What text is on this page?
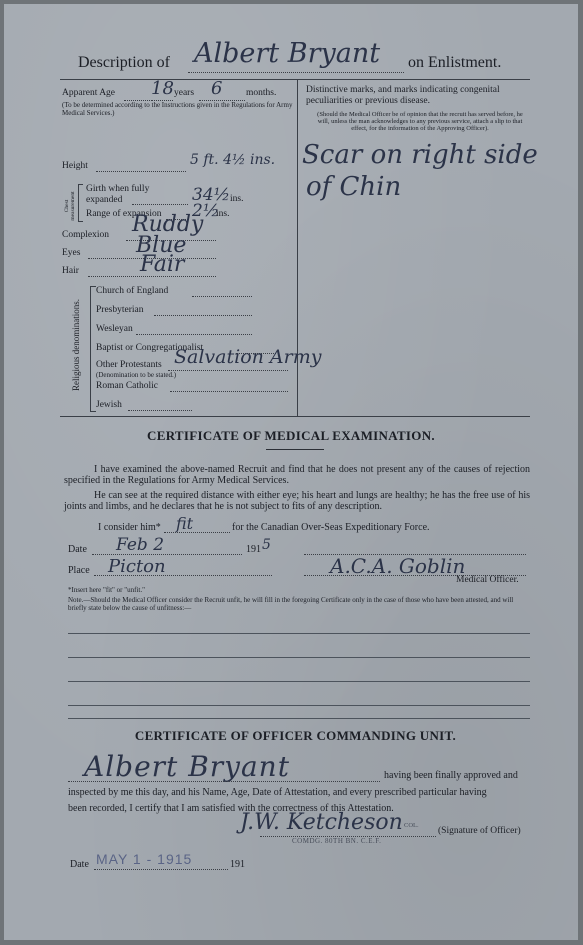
Description of Albert Bryant on Enlistment.
Apparent Age 18 years 6 months.
(To be determined according to the Instructions given in the Regulations for Army Medical Services.)
Height	5 ft. 4½ ins.
Chest measurement
Girth when fully expanded	34½ ins.
Range of expansion 2½
ins.
Complexion Ruddy
Eyes	Blue
Hair	Fair
Religious denominations.
Church of England
Presbyterian
Wesleyan
Baptist or Congregationalist
Other Protestants Salvation Army
(Denomination to be stated.)
Roman Catholic
Jewish
Distinctive marks, and marks indicating congenital peculiarities or previous disease.
(Should the Medical Officer be of opinion that the recruit has served before, he will, unless the man acknowledges to any previous service, attach a slip to that effect, for the information of the Approving Officer).
Scar on right side
of Chin
CERTIFICATE OF MEDICAL EXAMINATION.
I have examined the above-named Recruit and find that he does not present any of the causes of rejection specified in the Regulations for Army Medical Services.
He can see at the required distance with either eye; his heart and lungs are healthy; he has the free use of his joints and limbs, and he declares that he is not subject to fits of any description.
I consider him* fit	for the Canadian Over-Seas Expeditionary Force.
Date Feb 2	191 5
Place Picton	A.C.A. Goblin
Medical Officer.
*Insert here "fit" or "unfit."
Note.—Should the Medical Officer consider the Recruit unfit, he will fill in the foregoing Certificate only in the case of those who have been attested, and will briefly state below the cause of unfitness:—
CERTIFICATE OF OFFICER COMMANDING UNIT.
Albert Bryant	having been finally approved and
inspected by me this day, and his Name, Age, Date of Attestation, and every prescribed particular having
been recorded, I certify that I am satisfied with the correctness of this Attestation.
J.W. Ketcheson COL.
COMDG. 80TH BN. C.E.F.
(Signature of Officer)
Date MAY 1 - 1915	191
